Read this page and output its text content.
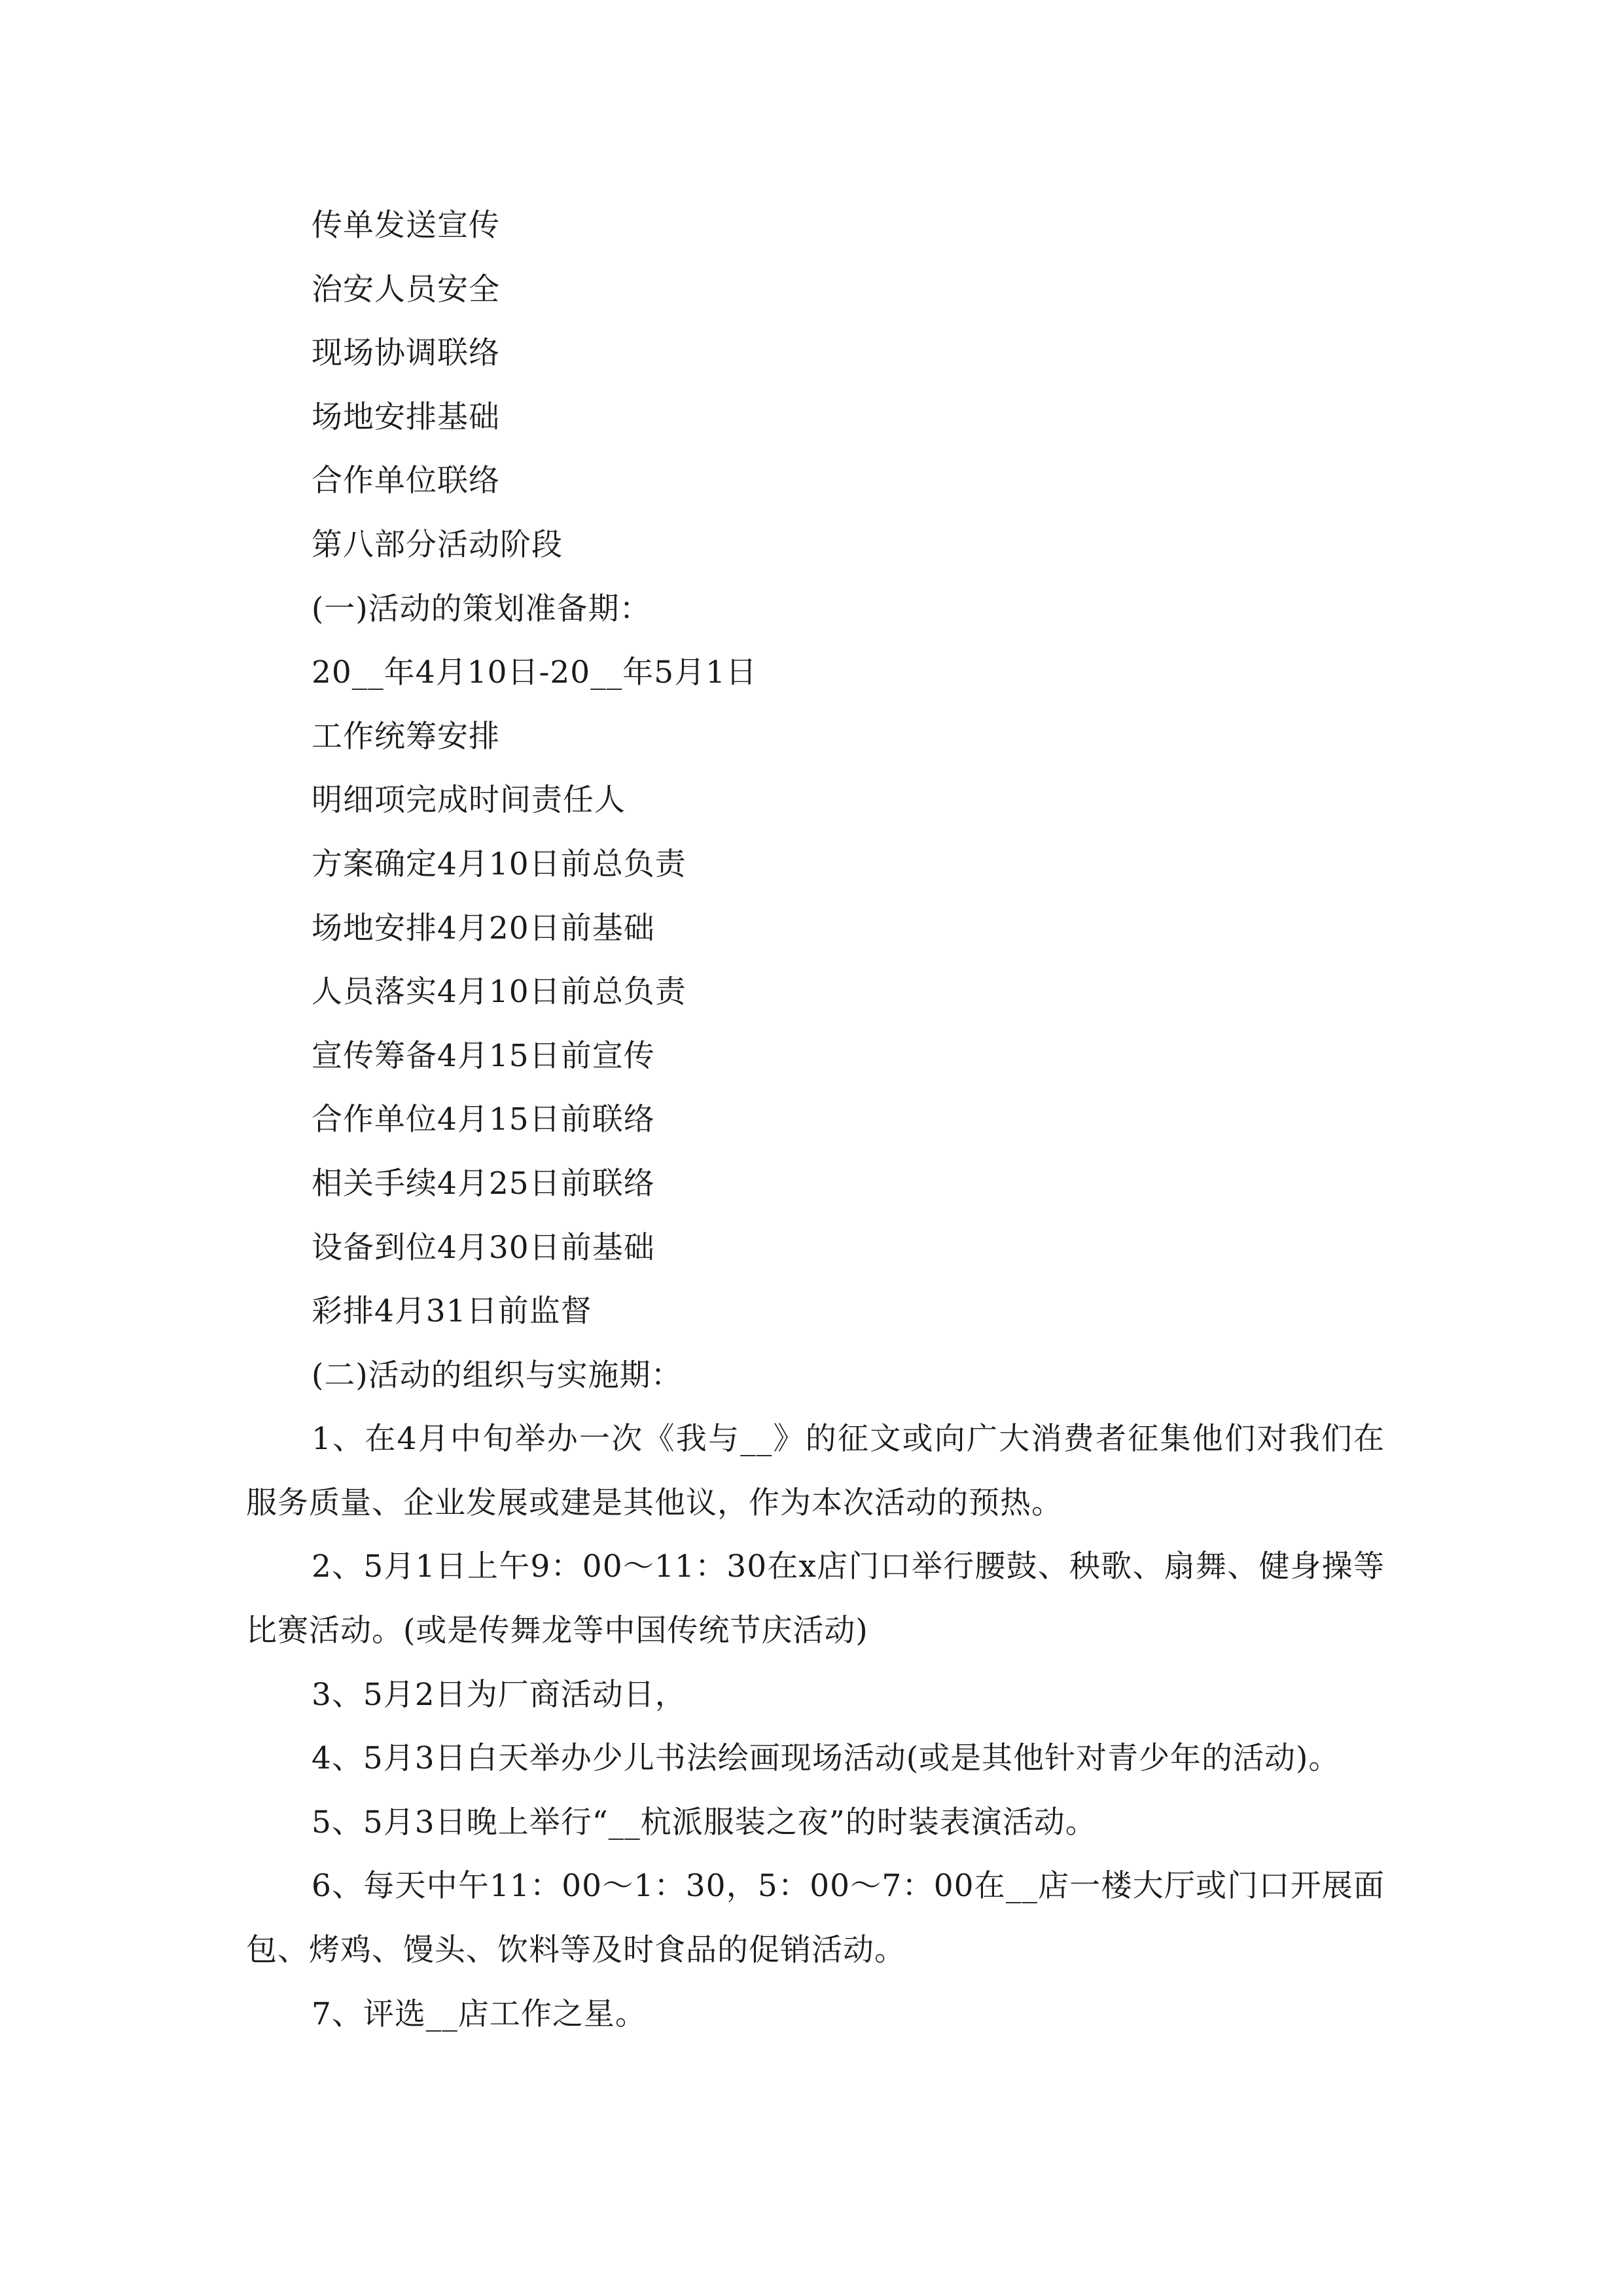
传单发送宣传
治安人员安全
现场协调联络
场地安排基础
合作单位联络
第八部分活动阶段
(一)活动的策划准备期：
20__年4月10日-20__年5月1日
工作统筹安排
明细项完成时间责任人
方案确定4月10日前总负责
场地安排4月20日前基础
人员落实4月10日前总负责
宣传筹备4月15日前宣传
合作单位4月15日前联络
相关手续4月25日前联络
设备到位4月30日前基础
彩排4月31日前监督
(二)活动的组织与实施期：
1、在4月中旬举办一次《我与__》的征文或向广大消费者征集他们对我们在服务质量、企业发展或建是其他议，作为本次活动的预热。
2、5月1日上午9：00～11：30在x店门口举行腰鼓、秧歌、扇舞、健身操等比赛活动。(或是传舞龙等中国传统节庆活动)
3、5月2日为厂商活动日，
4、5月3日白天举办少儿书法绘画现场活动(或是其他针对青少年的活动)。
5、5月3日晚上举行“__杭派服装之夜”的时装表演活动。
6、每天中午11：00～1：30，5：00～7：00在__店一楼大厅或门口开展面包、烤鸡、馒头、饮料等及时食品的促销活动。
7、评选__店工作之星。
